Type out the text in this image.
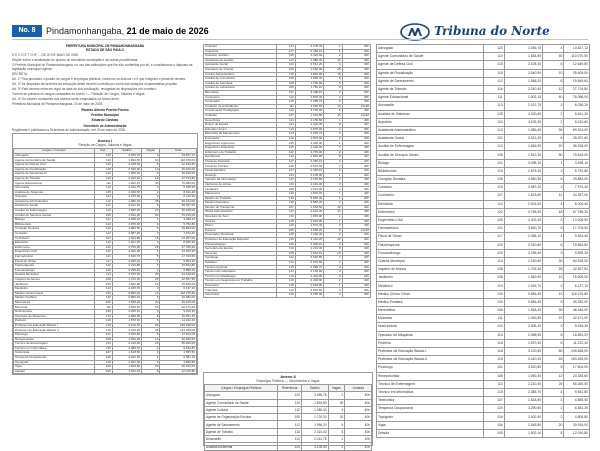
No. 8	Pindamonhangaba, 21 de maio de 2026	Tribuna do Norte
PREFEITURA MUNICIPAL DE PINDAMONHANGABA
ESTADO DE SÃO PAULO

D E C R E T O Nº ... DE 20 DE MAIO DE 2026

Dispõe sobre a atualização do quadro de servidores municipais e dá outras providências.

O Prefeito Municipal de Pindamonhangaba, no uso das atribuições que lhe são conferidas por lei, e considerando o disposto na legislação municipal vigente,

DECRETA:

Art. 1º Fica aprovado o quadro de cargos e empregos públicos, conforme os Anexos I e II que integram o presente decreto.

Art. 2º As despesas decorrentes da execução deste decreto correrão por conta das dotações orçamentárias próprias.

Art. 3º Este decreto entra em vigor na data de sua publicação, revogadas as disposições em contrário.

Tornem-se públicos os cargos constantes do Anexo I — Relação de Cargos, Salários e Vagas.

Art. 4º Os valores constantes dos anexos serão reajustados na forma da lei.

Prefeitura Municipal de Pindamonhangaba, 20 de maio de 2026.

Ricardo Alberto Pereira Piorino
Prefeito Municipal
Eduardo Cardoso
Secretário de Administração

Registrada e publicada na Secretaria de Administração, em 20 de maio de 2026.

Anexo I
Relação de Cargos, Salários e Vagas
Cargos / Funções	Ref.	Salário	Vagas	Total
Advogado	120	3.456,78	4	13.827,12
Agente Comunitário de Saúde	110	1.834,50	60	110.070,00
Agente de Defesa Civil	115	2.108,30	6	12.649,80
Agente de Fiscalização	118	2.540,90	10	25.409,00
Agente de Saneamento	112	1.956,20	8	15.649,60
Agente de Trânsito	116	2.310,40	12	27.724,80
Agente Educacional	111	1.902,15	40	76.086,00
Almoxarife	113	2.012,75	3	6.038,25
Analista de Sistemas	125	4.320,60	2	8.641,20
Arquiteto	124	4.105,30	2	8.210,60
Assistente Administrativo	112	1.980,40	35	69.314,00
Assistente Social	121	3.512,20	8	28.097,60
Auxiliar de Enfermagem	110	1.845,90	20	36.918,00
Auxiliar de Serviços Gerais	105	1.512,30	50	75.615,00
Biólogo	121	3.498,10	1	3.498,10
Bibliotecário	119	2.876,40	2	5.752,80
Cirurgião Dentista	126	4.980,50	6	29.883,00
Contador	123	3.987,20	2	7.974,40
Cozinheiro	107	1.623,80	15	24.357,00
Eletricista	112	2.001,60	4	8.006,40
Enfermeiro	122	3.765,90	18	67.786,20
Engenheiro Civil	125	4.402,30	3	13.206,90
Farmacêutico	121	3.540,70	5	17.703,50
Fiscal de Obras	117	2.456,10	4	9.824,40
Fisioterapeuta	120	3.310,80	6	19.864,80
Fonoaudiólogo	120	3.298,40	3	9.895,20
Guarda Municipal	114	2.150,60	30	64.518,00
Inspetor de Alunos	108	1.702,30	25	42.557,50
Jardineiro	106	1.560,90	10	15.609,00
Mecânico	113	2.045,70	3	6.137,10
Médico Clínico Geral	130	9.856,40	12	118.276,80
Médico Pediatra	130	9.856,40	5	49.282,00
Merendeira	106	1.548,20	30	46.446,00
Motorista	111	1.930,50	22	42.471,00
Nutricionista	120	3.305,10	3	9.915,30
Operador de Máquinas	113	2.068,90	8	16.551,20
Pedreiro	110	1.870,40	6	11.222,40
Professor de Educação Básica I	118	3.120,60	80	249.648,00
Professor de Educação Básica II	119	3.410,20	45	153.459,00
Psicólogo	121	3.520,80	5	17.604,00
Recepcionista	108	1.690,30	12	20.283,60
Técnico de Enfermagem	113	2.210,40	25	55.260,00
Técnico em Informática	115	2.385,70	4	9.542,80
Telefonista	107	1.618,50	3	4.855,50
Terapeuta Ocupacional	120	3.290,60	2	6.581,20
Topógrafo	116	2.402,90	2	4.805,80
Vigia	106	1.545,80	20	30.916,00
Zelador	105	1.502,10	8	12.016,80
Arquiteto	124	4.105,30	1	40h
Arquivista	117	2.456,10	1	40h
Assessor Jurídico	125	4.320,60	2	40h
Assistente de Gestão	112	1.980,40	12	40h
Assistente Social	121	3.512,20	4	30h
Atendente de Creche	106	1.560,90	25	40h
Auxiliar Administrativo	110	1.845,90	18	40h
Auxiliar de Consultório	108	1.690,30	6	40h
Auxiliar de Farmácia	108	1.702,30	5	40h
Auxiliar de Laboratório	109	1.750,10	3	40h
Biomédico	121	3.498,10	2	30h
Carpinteiro	110	1.870,40	2	40h
Comprador	115	2.385,70	2	40h
Condutor de Ambulância	111	1.930,50	10	12x36
Coordenador Pedagógico	122	3.765,90	6	40h
Cuidador	107	1.623,80	15	12x36
Desenhista	114	2.150,60	1	40h
Diretor de Escola	124	4.402,30	8	40h
Educador Físico	119	2.876,40	4	30h
Eletricista de Manutenção	113	2.045,70	3	40h
Encanador	110	1.870,40	3	40h
Engenheiro Agrônomo	125	4.402,30	1	40h
Engenheiro Eletricista	125	4.402,30	1	40h
Enfermeiro do Trabalho	122	3.765,90	2	40h
Escriturário	110	1.845,90	8	40h
Fiscal de Posturas	117	2.456,10	3	40h
Fiscal de Tributos	118	2.540,90	4	40h
Fiscal Sanitário	117	2.456,10	3	40h
Geólogo	124	4.105,30	1	40h
Instrutor de Informática	114	2.150,60	2	40h
Intérprete de Libras	116	2.310,40	3	30h
Lavadeira	105	1.512,30	4	40h
Marceneiro	110	1.870,40	1	40h
Médico do Trabalho	130	9.856,40	1	20h
Médico Psiquiatra	130	9.856,40	2	20h
Monitor de Transporte	107	1.618,50	10	40h
Oficial Administrativo	113	2.210,40	10	40h
Operador de Som	110	1.845,90	1	40h
Ouvidor	118	2.540,90	1	40h
Pintor	110	1.870,40	2	40h
Porteiro	106	1.548,20	8	12x36
Procurador Municipal	128	7.200,40	3	40h
Professor de Educação Especial	119	3.410,20	10	30h
Psicopedagogo	120	3.305,10	3	30h
Secretário de Escola	113	2.210,40	8	40h
Servente	105	1.502,10	20	40h
Sociólogo	121	3.520,80	1	40h
Soldador	112	2.001,60	2	40h
Técnico Agrícola	115	2.385,70	2	40h
Técnico de Laboratório	114	2.150,60	3	40h
Técnico em Radiologia	116	2.402,90	4	24h
Técnico em Segurança do Trabalho	116	2.402,90	2	40h
Tesoureiro	118	2.540,90	1	40h
Tratorista	112	2.001,60	4	40h
Veterinário	122	3.765,90	2	40h
Anexo II
Empregos Públicos — Vencimentos e Vagas
Cargos / Empregos Públicos	Referência	Salário	Vagas	Jornada
Advogado	120	3.456,78	2	40h
Agente Comunitário de Saúde	110	1.834,50	30	40h
Agente Cultural	112	1.980,40	4	40h
Agente de Organização Escolar	108	1.702,30	20	40h
Agente de Saneamento	112	1.956,20	6	40h
Agente de Trânsito	116	2.310,40	8	40h
Almoxarife	113	2.012,75	2	40h
Analista Ambiental	124	4.105,30	2	40h
Advogado	120	3.456,78	4	13.827,12
Agente Comunitário de Saúde	110	1.834,50	60	110.070,00
Agente de Defesa Civil	115	2.108,30	6	12.649,80
Agente de Fiscalização	118	2.540,90	10	25.409,00
Agente de Saneamento	112	1.956,20	8	15.649,60
Agente de Trânsito	116	2.310,40	12	27.724,80
Agente Educacional	111	1.902,15	40	76.086,00
Almoxarife	113	2.012,75	3	6.038,25
Analista de Sistemas	125	4.320,60	2	8.641,20
Arquiteto	124	4.105,30	2	8.210,60
Assistente Administrativo	112	1.980,40	35	69.314,00
Assistente Social	121	3.512,20	8	28.097,60
Auxiliar de Enfermagem	110	1.845,90	20	36.918,00
Auxiliar de Serviços Gerais	105	1.512,30	50	75.615,00
Biólogo	121	3.498,10	1	3.498,10
Bibliotecário	119	2.876,40	2	5.752,80
Cirurgião Dentista	126	4.980,50	6	29.883,00
Contador	123	3.987,20	2	7.974,40
Cozinheiro	107	1.623,80	15	24.357,00
Eletricista	112	2.001,60	4	8.006,40
Enfermeiro	122	3.765,90	18	67.786,20
Engenheiro Civil	125	4.402,30	3	13.206,90
Farmacêutico	121	3.540,70	5	17.703,50
Fiscal de Obras	117	2.456,10	4	9.824,40
Fisioterapeuta	120	3.310,80	6	19.864,80
Fonoaudiólogo	120	3.298,40	3	9.895,20
Guarda Municipal	114	2.150,60	30	64.518,00
Inspetor de Alunos	108	1.702,30	25	42.557,50
Jardineiro	106	1.560,90	10	15.609,00
Mecânico	113	2.045,70	3	6.137,10
Médico Clínico Geral	130	9.856,40	12	118.276,80
Médico Pediatra	130	9.856,40	5	49.282,00
Merendeira	106	1.548,20	30	46.446,00
Motorista	111	1.930,50	22	42.471,00
Nutricionista	120	3.305,10	3	9.915,30
Operador de Máquinas	113	2.068,90	8	16.551,20
Pedreiro	110	1.870,40	6	11.222,40
Professor de Educação Básica I	118	3.120,60	80	249.648,00
Professor de Educação Básica II	119	3.410,20	45	153.459,00
Psicólogo	121	3.520,80	5	17.604,00
Recepcionista	108	1.690,30	12	20.283,60
Técnico de Enfermagem	113	2.210,40	25	55.260,00
Técnico em Informática	115	2.385,70	4	9.542,80
Telefonista	107	1.618,50	3	4.855,50
Terapeuta Ocupacional	120	3.290,60	2	6.581,20
Topógrafo	116	2.402,90	2	4.805,80
Vigia	106	1.545,80	20	30.916,00
Zelador	105	1.502,10	8	12.016,80
